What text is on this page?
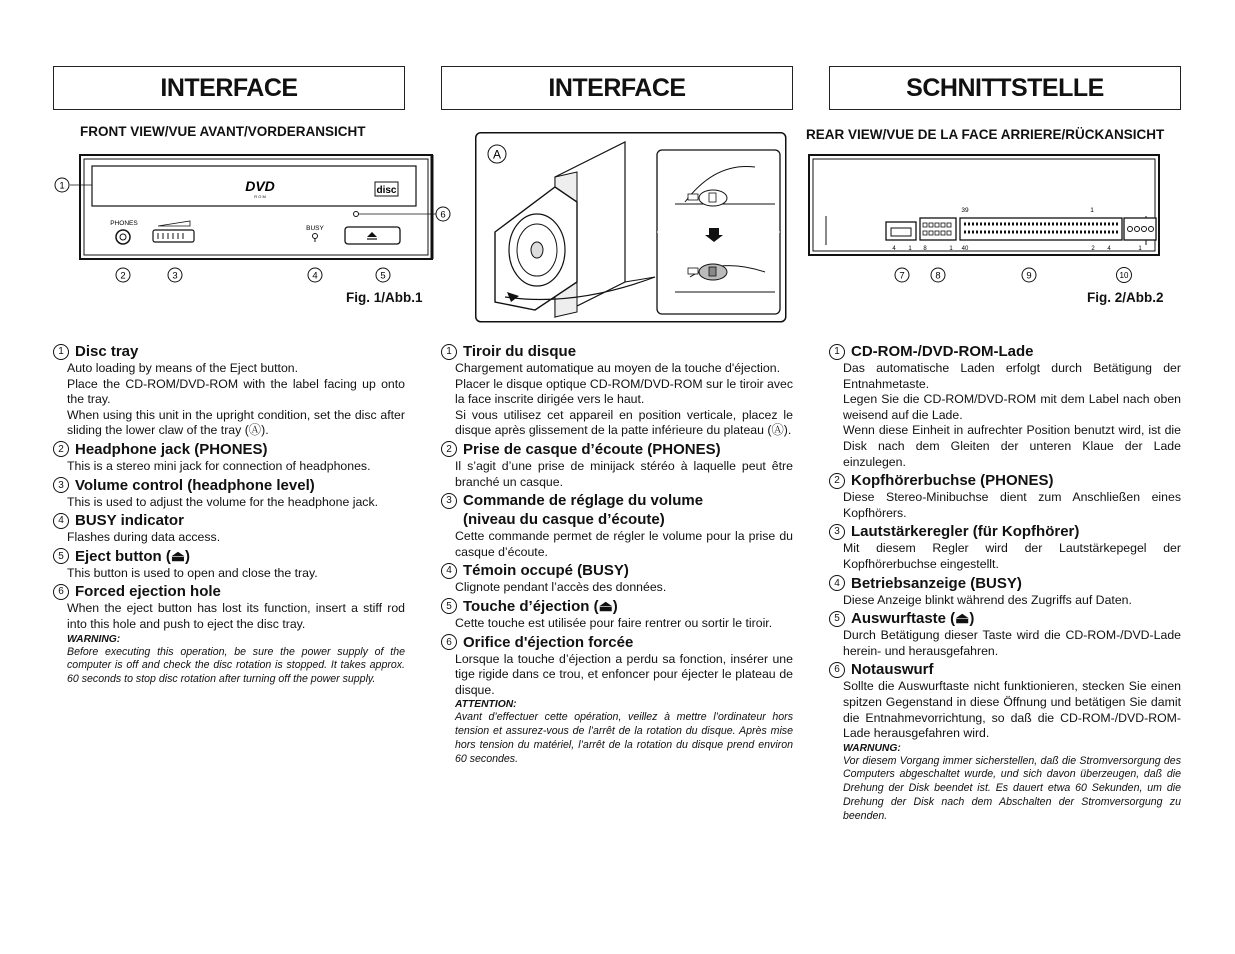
INTERFACE	INTERFACE	SCHNITTSTELLE
FRONT VIEW/VUE AVANT/VORDERANSICHT	REAR VIEW/VUE DE LA FACE ARRIERE/RÜCKANSICHT
Fig. 1/Abb.1	Fig. 2/Abb.2
DVD
R O M
disc
PHONES
BUSY
1
2	3	4	5
6
A
39	1
4 1 8	1 40	2 4	1
7	8	9	10
1 Disc tray

Auto loading by means of the Eject button.

Place the CD-ROM/DVD-ROM with the label facing up onto the tray.

When using this unit in the upright condition, set the disc after sliding the lower claw of the tray (Ⓐ).

2 Headphone jack (PHONES)

This is a stereo mini jack for connection of headphones.

3 Volume control (headphone level)

This is used to adjust the volume for the headphone jack.

4 BUSY indicator

Flashes during data access.

5 Eject button (⏏)

This button is used to open and close the tray.

6 Forced ejection hole

When the eject button has lost its function, insert a stiff rod into this hole and push to eject the disc tray.

WARNING:
Before executing this operation, be sure the power supply of the computer is off and check the disc rotation is stopped. It takes approx. 60 seconds to stop disc rotation after turning off the power supply.
1 Tiroir du disque

Chargement automatique au moyen de la touche d'éjection.

Placer le disque optique CD-ROM/DVD-ROM sur le tiroir avec la face inscrite dirigée vers le haut.

Si vous utilisez cet appareil en position verticale, placez le disque après glissement de la patte inférieure du plateau (Ⓐ).

2 Prise de casque d’écoute (PHONES)

Il s’agit d’une prise de minijack stéréo à laquelle peut être branché un casque.

3 Commande de réglage du volume
(niveau du casque d’écoute)

Cette commande permet de régler le volume pour la prise du casque d’écoute.

4 Témoin occupé (BUSY)

Clignote pendant l’accès des données.

5 Touche d’éjection (⏏)

Cette touche est utilisée pour faire rentrer ou sortir le tiroir.

6 Orifice d'éjection forcée

Lorsque la touche d’éjection a perdu sa fonction, insérer une tige rigide dans ce trou, et enfoncer pour éjecter le plateau de disque.

ATTENTION:
Avant d’effectuer cette opération, veillez à mettre l’ordinateur hors tension et assurez-vous de l’arrêt de la rotation du disque. Après mise hors tension du matériel, l’arrêt de la rotation du disque prend environ 60 secondes.
1 CD-ROM-/DVD-ROM-Lade

Das automatische Laden erfolgt durch Betätigung der Entnahmetaste.

Legen Sie die CD-ROM/DVD-ROM mit dem Label nach oben weisend auf die Lade.

Wenn diese Einheit in aufrechter Position benutzt wird, ist die Disk nach dem Gleiten der unteren Klaue der Lade einzulegen.

2 Kopfhörerbuchse (PHONES)

Diese Stereo-Minibuchse dient zum Anschließen eines Kopfhörers.

3 Lautstärkeregler (für Kopfhörer)

Mit diesem Regler wird der Lautstärkepegel der Kopfhörerbuchse eingestellt.

4 Betriebsanzeige (BUSY)

Diese Anzeige blinkt während des Zugriffs auf Daten.

5 Auswurftaste (⏏)

Durch Betätigung dieser Taste wird die CD-ROM-/DVD-Lade herein- und herausgefahren.

6 Notauswurf

Sollte die Auswurftaste nicht funktionieren, stecken Sie einen spitzen Gegenstand in diese Öffnung und betätigen Sie damit die Entnahmevorrichtung, so daß die CD-ROM-/DVD-ROM-Lade herausgefahren wird.

WARNUNG:
Vor diesem Vorgang immer sicherstellen, daß die Stromversorgung des Computers abgeschaltet wurde, und sich davon überzeugen, daß die Drehung der Disk beendet ist. Es dauert etwa 60 Sekunden, um die Drehung der Disk nach dem Abschalten der Stromversorgung zu beenden.
